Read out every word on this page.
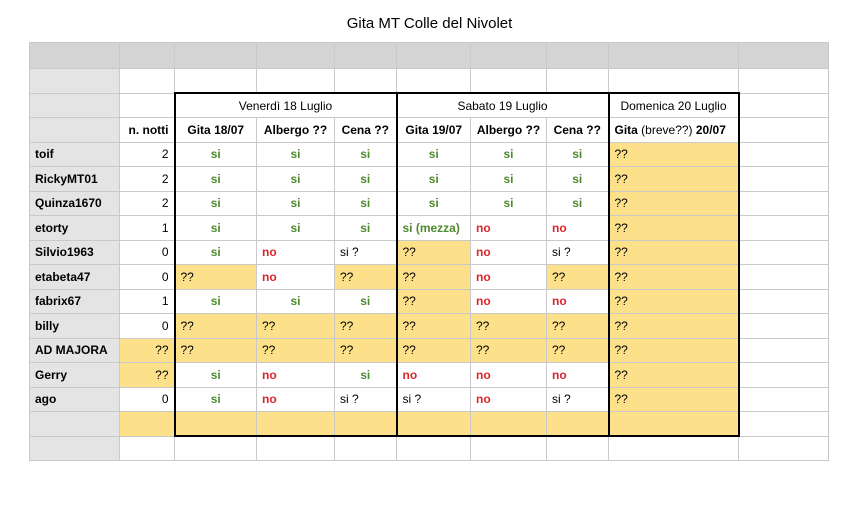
Gita MT Colle del Nivolet

		Venerdì 18 Luglio			Sabato 19 Luglio			Domenica 20 Luglio	
	n. notti	Gita 18/07	Albergo ??	Cena ??	Gita 19/07	Albergo ??	Cena ??	Gita (breve??) 20/07	
toif	2	si	si	si	si	si	si	??	
RickyMT01	2	si	si	si	si	si	si	??	
Quinza1670	2	si	si	si	si	si	si	??	
etorty	1	si	si	si	si (mezza)	no	no	??	
Silvio1963	0	si	no	si ?	??	no	si ?	??	
etabeta47	0	??	no	??	??	no	??	??	
fabrix67	1	si	si	si	??	no	no	??	
billy	0	??	??	??	??	??	??	??	
AD MAJORA	??	??	??	??	??	??	??	??	
Gerry	??	si	no	si	no	no	no	??	
ago	0	si	no	si ?	si ?	no	si ?	??	
